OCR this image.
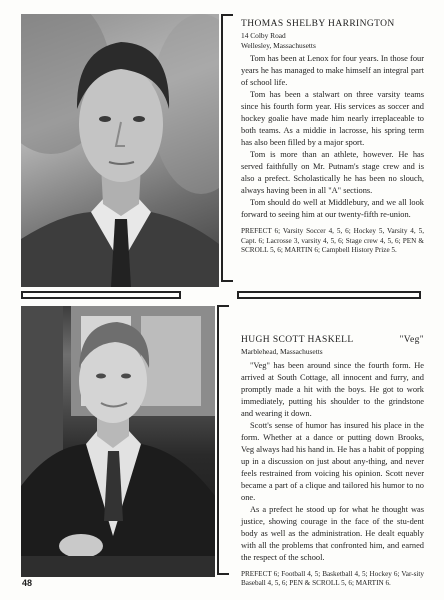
THOMAS SHELBY HARRINGTON

14 Colby Road
Wellesley, Massachusetts

Tom has been at Lenox for four years. In those four years he has managed to make himself an integral part of school life.

Tom has been a stalwart on three varsity teams since his fourth form year. His services as soccer and hockey goalie have made him nearly irreplaceable to both teams. As a middie in lacrosse, his spring term has also been filled by a major sport.

Tom is more than an athlete, however. He has served faithfully on Mr. Putnam's stage crew and is also a prefect. Scholastically he has been no slouch, always having been in all "A" sections.

Tom should do well at Middlebury, and we all look forward to seeing him at our twenty-fifth re-union.

PREFECT 6; Varsity Soccer 4, 5, 6; Hockey 5, Varsity 4, 5, Capt. 6; Lacrosse 3, varsity 4, 5, 6; Stage crew 4, 5, 6; PEN & SCROLL 5, 6; MARTIN 6; Campbell History Prize 5.

HUGH SCOTT HASKELL	"Veg"

Marblehead, Massachusetts

"Veg" has been around since the fourth form. He arrived at South Cottage, all innocent and furry, and promptly made a hit with the boys. He got to work immediately, putting his shoulder to the grindstone and wearing it down.

Scott's sense of humor has insured his place in the form. Whether at a dance or putting down Brooks, Veg always had his hand in. He has a habit of popping up in a discussion on just about any-thing, and never feels restrained from voicing his opinion. Scott never became a part of a clique and tailored his humor to no one.

As a prefect he stood up for what he thought was justice, showing courage in the face of the stu-dent body as well as the administration. He dealt equably with all the problems that confronted him, and earned the respect of the school.

PREFECT 6; Football 4, 5; Basketball 4, 5; Hockey 6; Var-sity Baseball 4, 5, 6; PEN & SCROLL 5, 6; MARTIN 6.

48
